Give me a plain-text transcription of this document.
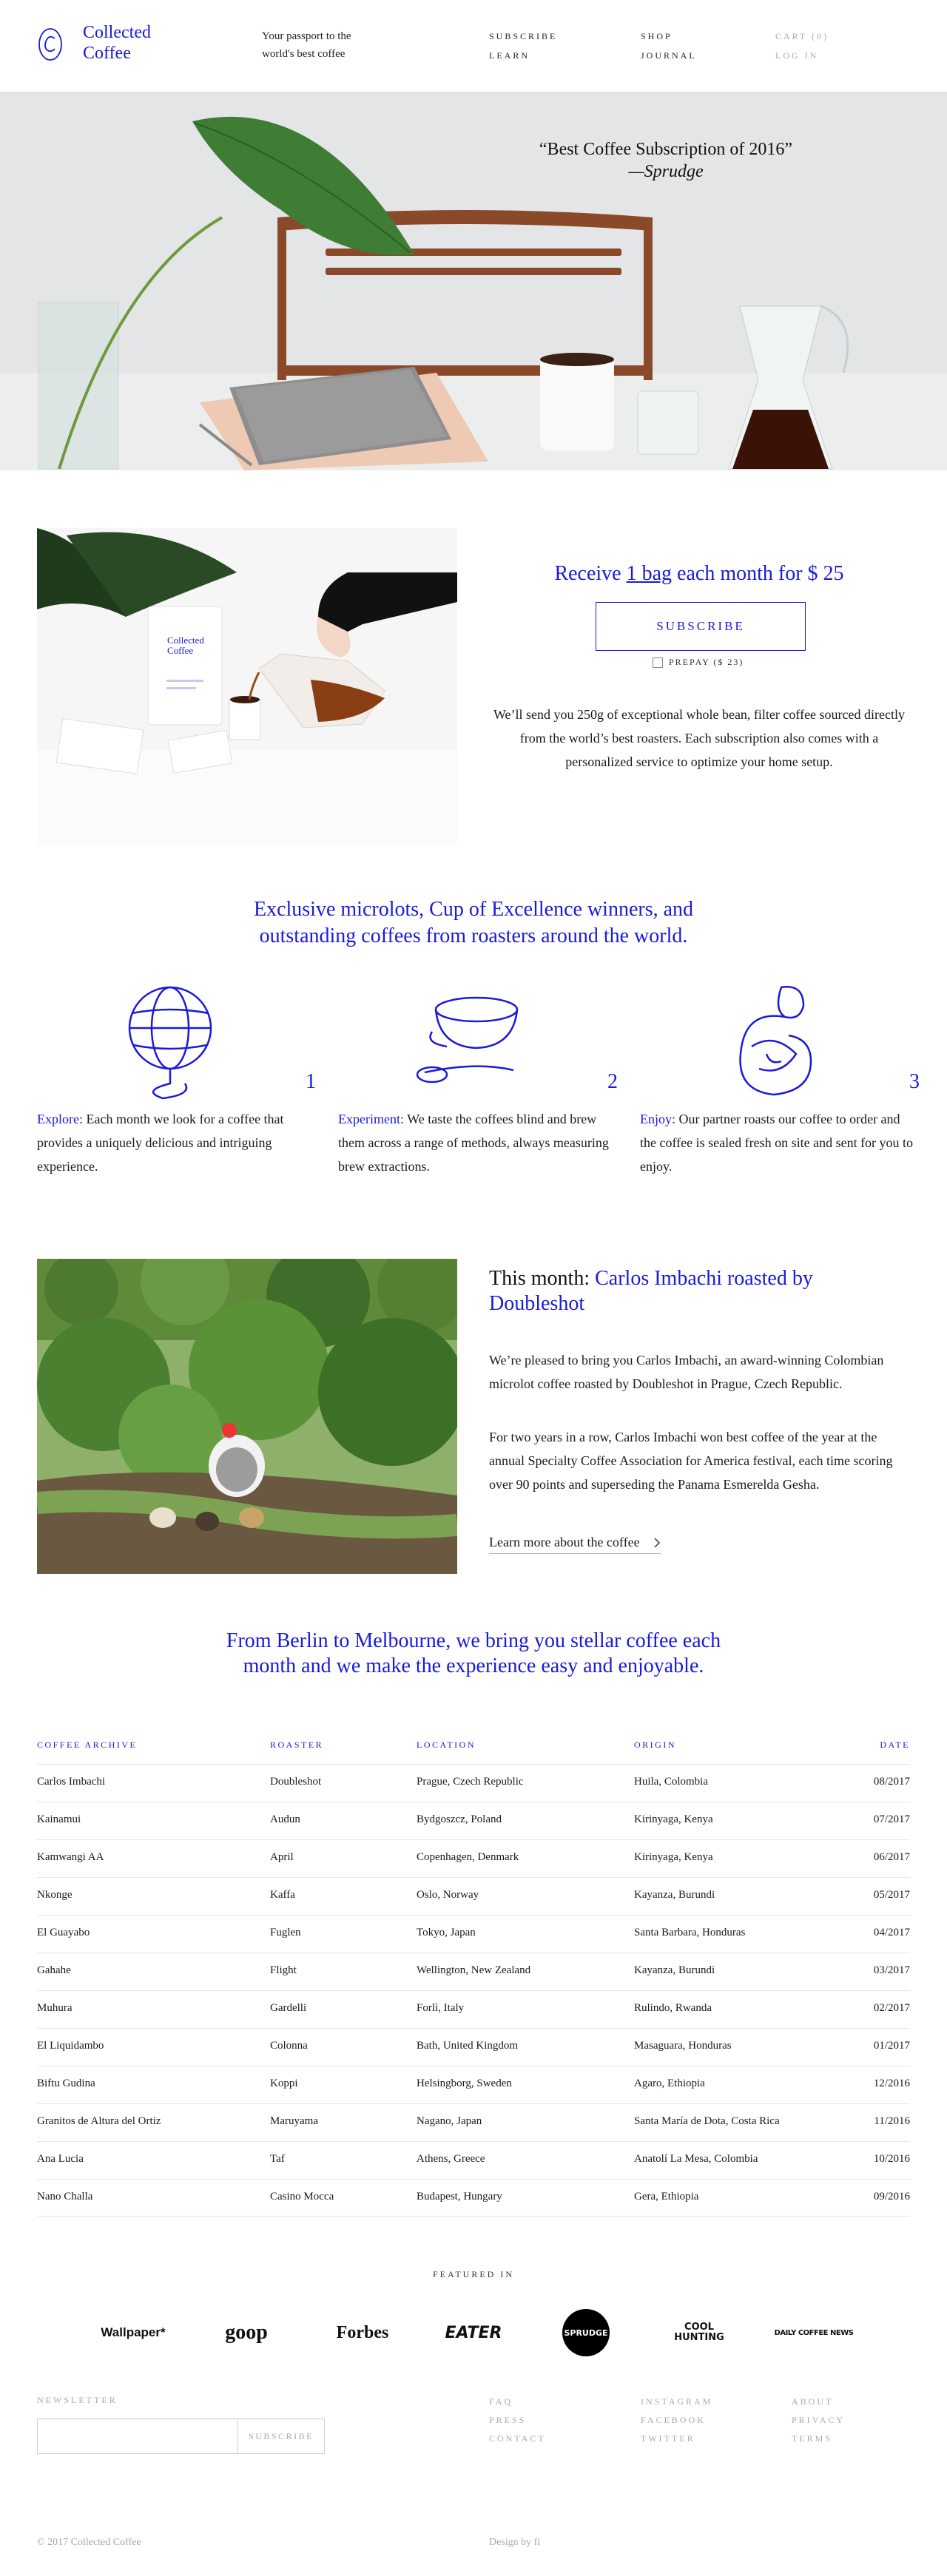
Collected
Coffee
Your passport to the
world's best coffee
SUBSCRIBE
LEARN
SHOP
JOURNAL
CART (0)
LOG IN
“Best Coffee Subscription of 2016”
—Sprudge
Collected
Coffee
Receive 1 bag each month for $ 25
SUBSCRIBE
PREPAY ($ 23)

We’ll send you 250g of exceptional whole bean, filter coffee sourced directly from the world’s best roasters. Each subscription also comes with a personalized service to optimize your home setup.

Exclusive microlots, Cup of Excellence winners, and
outstanding coffees from roasters around the world.
1

Explore: Each month we look for a coffee that provides a uniquely delicious and intriguing experience.

2

Experiment: We taste the coffees blind and brew them across a range of methods, always measuring brew extractions.

3

Enjoy: Our partner roasts our coffee to order and the coffee is sealed fresh on site and sent for you to enjoy.

This month: Carlos Imbachi roasted by
Doubleshot

We’re pleased to bring you Carlos Imbachi, an award-winning Colombian microlot coffee roasted by Doubleshot in Prague, Czech Republic.

For two years in a row, Carlos Imbachi won best coffee of the year at the annual Specialty Coffee Association for America festival, each time scoring over 90 points and superseding the Panama Esmerelda Gesha.

Learn more about the coffee
From Berlin to Melbourne, we bring you stellar coffee each
month and we make the experience easy and enjoyable.
COFFEE ARCHIVE	ROASTER	LOCATION	ORIGIN	DATE
Carlos Imbachi	Doubleshot	Prague, Czech Republic	Huila, Colombia	08/2017
Kainamui	Audun	Bydgoszcz, Poland	Kirinyaga, Kenya	07/2017
Kamwangi AA	April	Copenhagen, Denmark	Kirinyaga, Kenya	06/2017
Nkonge	Kaffa	Oslo, Norway	Kayanza, Burundi	05/2017
El Guayabo	Fuglen	Tokyo, Japan	Santa Barbara, Honduras	04/2017
Gahahe	Flight	Wellington, New Zealand	Kayanza, Burundi	03/2017
Muhura	Gardelli	Forlì, Italy	Rulindo, Rwanda	02/2017
El Liquidambo	Colonna	Bath, United Kingdom	Masaguara, Honduras	01/2017
Biftu Gudina	Koppi	Helsingborg, Sweden	Agaro, Ethiopia	12/2016
Granitos de Altura del Ortiz	Maruyama	Nagano, Japan	Santa María de Dota, Costa Rica	11/2016
Ana Lucia	Taf	Athens, Greece	Anatolí La Mesa, Colombia	10/2016
Nano Challa	Casino Mocca	Budapest, Hungary	Gera, Ethiopia	09/2016
FEATURED IN
Wallpaper*	goop	Forbes	EATER	SPRUDGE	COOL HUNTING	DAILY COFFEE NEWS
NEWSLETTER
SUBSCRIBE
FAQ
PRESS
CONTACT
INSTAGRAM
FACEBOOK
TWITTER
ABOUT
PRIVACY
TERMS
© 2017 Collected Coffee	Design by fi
